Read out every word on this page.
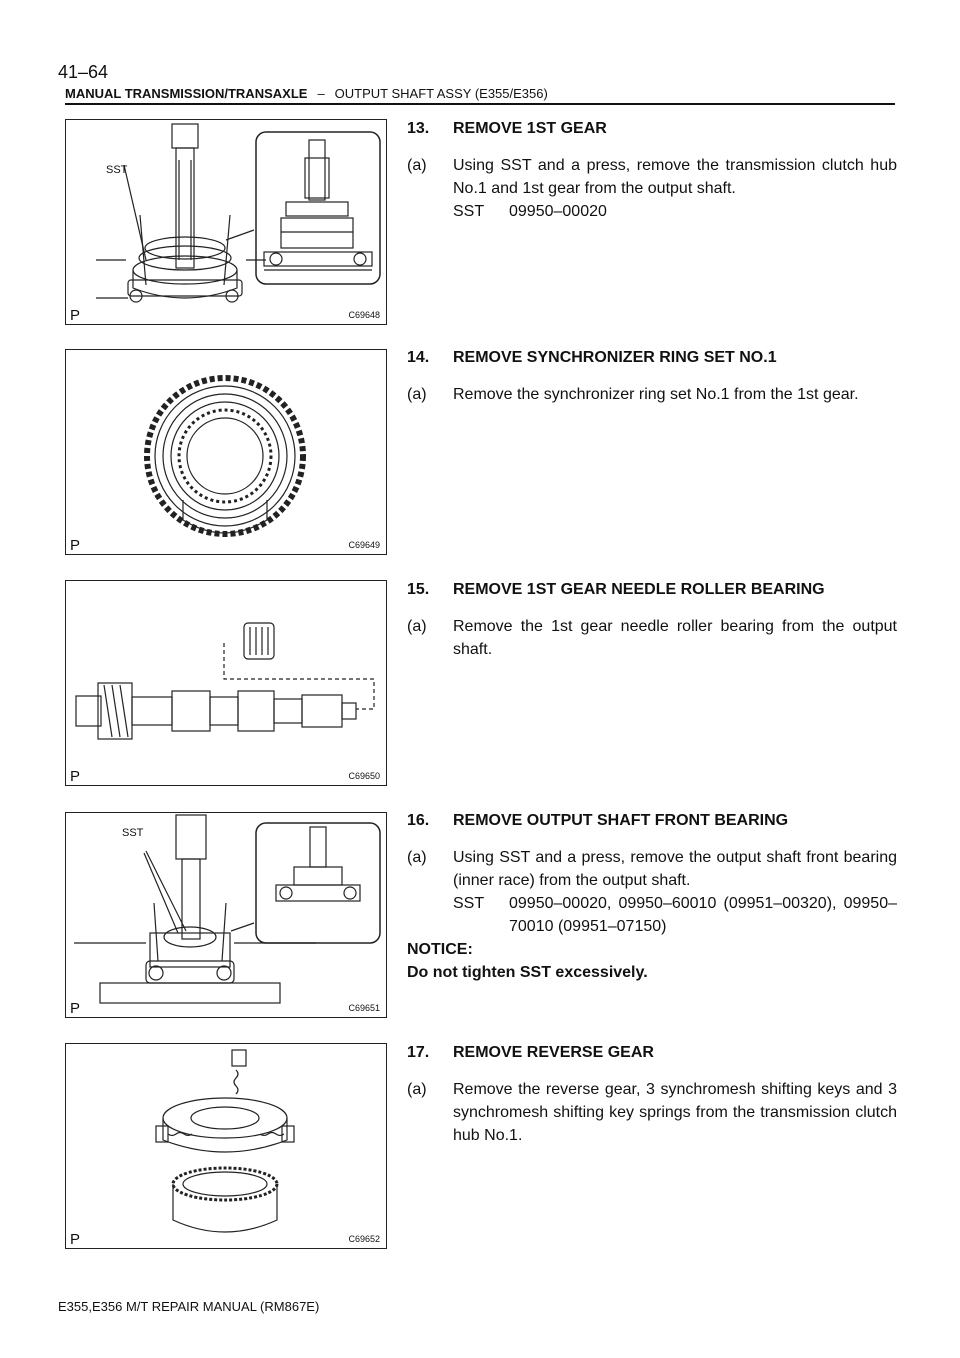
41–64
MANUAL TRANSMISSION/TRANSAXLE – OUTPUT SHAFT ASSY (E355/E356)
SST
P	C69648
P	C69649
P	C69650
SST
P	C69651
P	C69652
13.	REMOVE 1ST GEAR
(a)	Using SST and a press, remove the transmission clutch hub No.1 and 1st gear from the output shaft.
SST	09950–00020
14.	REMOVE SYNCHRONIZER RING SET NO.1
(a)	Remove the synchronizer ring set No.1 from the 1st gear.
15.	REMOVE 1ST GEAR NEEDLE ROLLER BEARING
(a)	Remove the 1st gear needle roller bearing from the output shaft.
16.	REMOVE OUTPUT SHAFT FRONT BEARING
(a)	Using SST and a press, remove the output shaft front bearing (inner race) from the output shaft.
SST	09950–00020, 09950–60010 (09951–00320), 09950–70010 (09951–07150)
NOTICE:
Do not tighten SST excessively.
17.	REMOVE REVERSE GEAR
(a)	Remove the reverse gear, 3 synchromesh shifting keys and 3 synchromesh shifting key springs from the transmission clutch hub No.1.
E355,E356 M/T REPAIR MANUAL (RM867E)
